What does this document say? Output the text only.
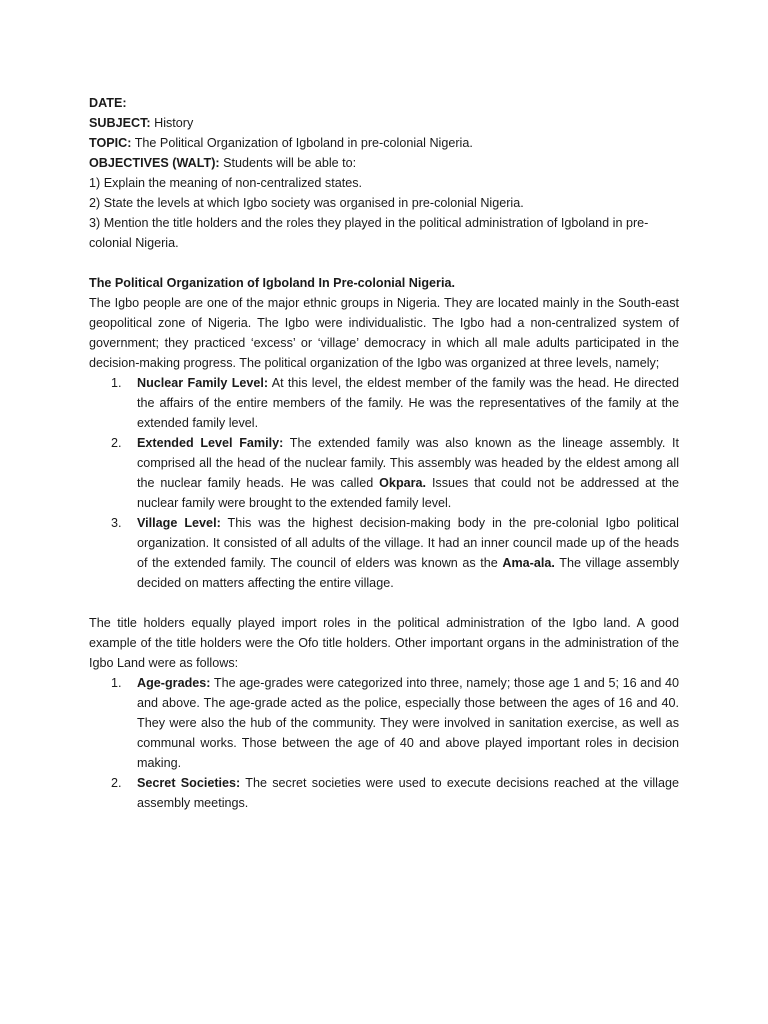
DATE:

SUBJECT: History

TOPIC: The Political Organization of Igboland in pre-colonial Nigeria.

OBJECTIVES (WALT): Students will be able to:

1) Explain the meaning of non-centralized states.

2) State the levels at which Igbo society was organised in pre-colonial Nigeria.

3) Mention the title holders and the roles they played in the political administration of Igboland in pre-colonial Nigeria.

The Political Organization of Igboland In Pre-colonial Nigeria.

The Igbo people are one of the major ethnic groups in Nigeria. They are located mainly in the South-east geopolitical zone of Nigeria. The Igbo were individualistic. The Igbo had a non-centralized system of government; they practiced ‘excess’ or ‘village’ democracy in which all male adults participated in the decision-making progress. The political organization of the Igbo was organized at three levels, namely;

1. Nuclear Family Level: At this level, the eldest member of the family was the head. He directed the affairs of the entire members of the family. He was the representatives of the family at the extended family level.
2. Extended Level Family: The extended family was also known as the lineage assembly. It comprised all the head of the nuclear family. This assembly was headed by the eldest among all the nuclear family heads. He was called Okpara. Issues that could not be addressed at the nuclear family were brought to the extended family level.
3. Village Level: This was the highest decision-making body in the pre-colonial Igbo political organization. It consisted of all adults of the village. It had an inner council made up of the heads of the extended family. The council of elders was known as the Ama-ala. The village assembly decided on matters affecting the entire village.

The title holders equally played import roles in the political administration of the Igbo land. A good example of the title holders were the Ofo title holders. Other important organs in the administration of the Igbo Land were as follows:

1. Age-grades: The age-grades were categorized into three, namely; those age 1 and 5; 16 and 40 and above. The age-grade acted as the police, especially those between the ages of 16 and 40. They were also the hub of the community. They were involved in sanitation exercise, as well as communal works. Those between the age of 40 and above played important roles in decision making.
2. Secret Societies: The secret societies were used to execute decisions reached at the village assembly meetings.
